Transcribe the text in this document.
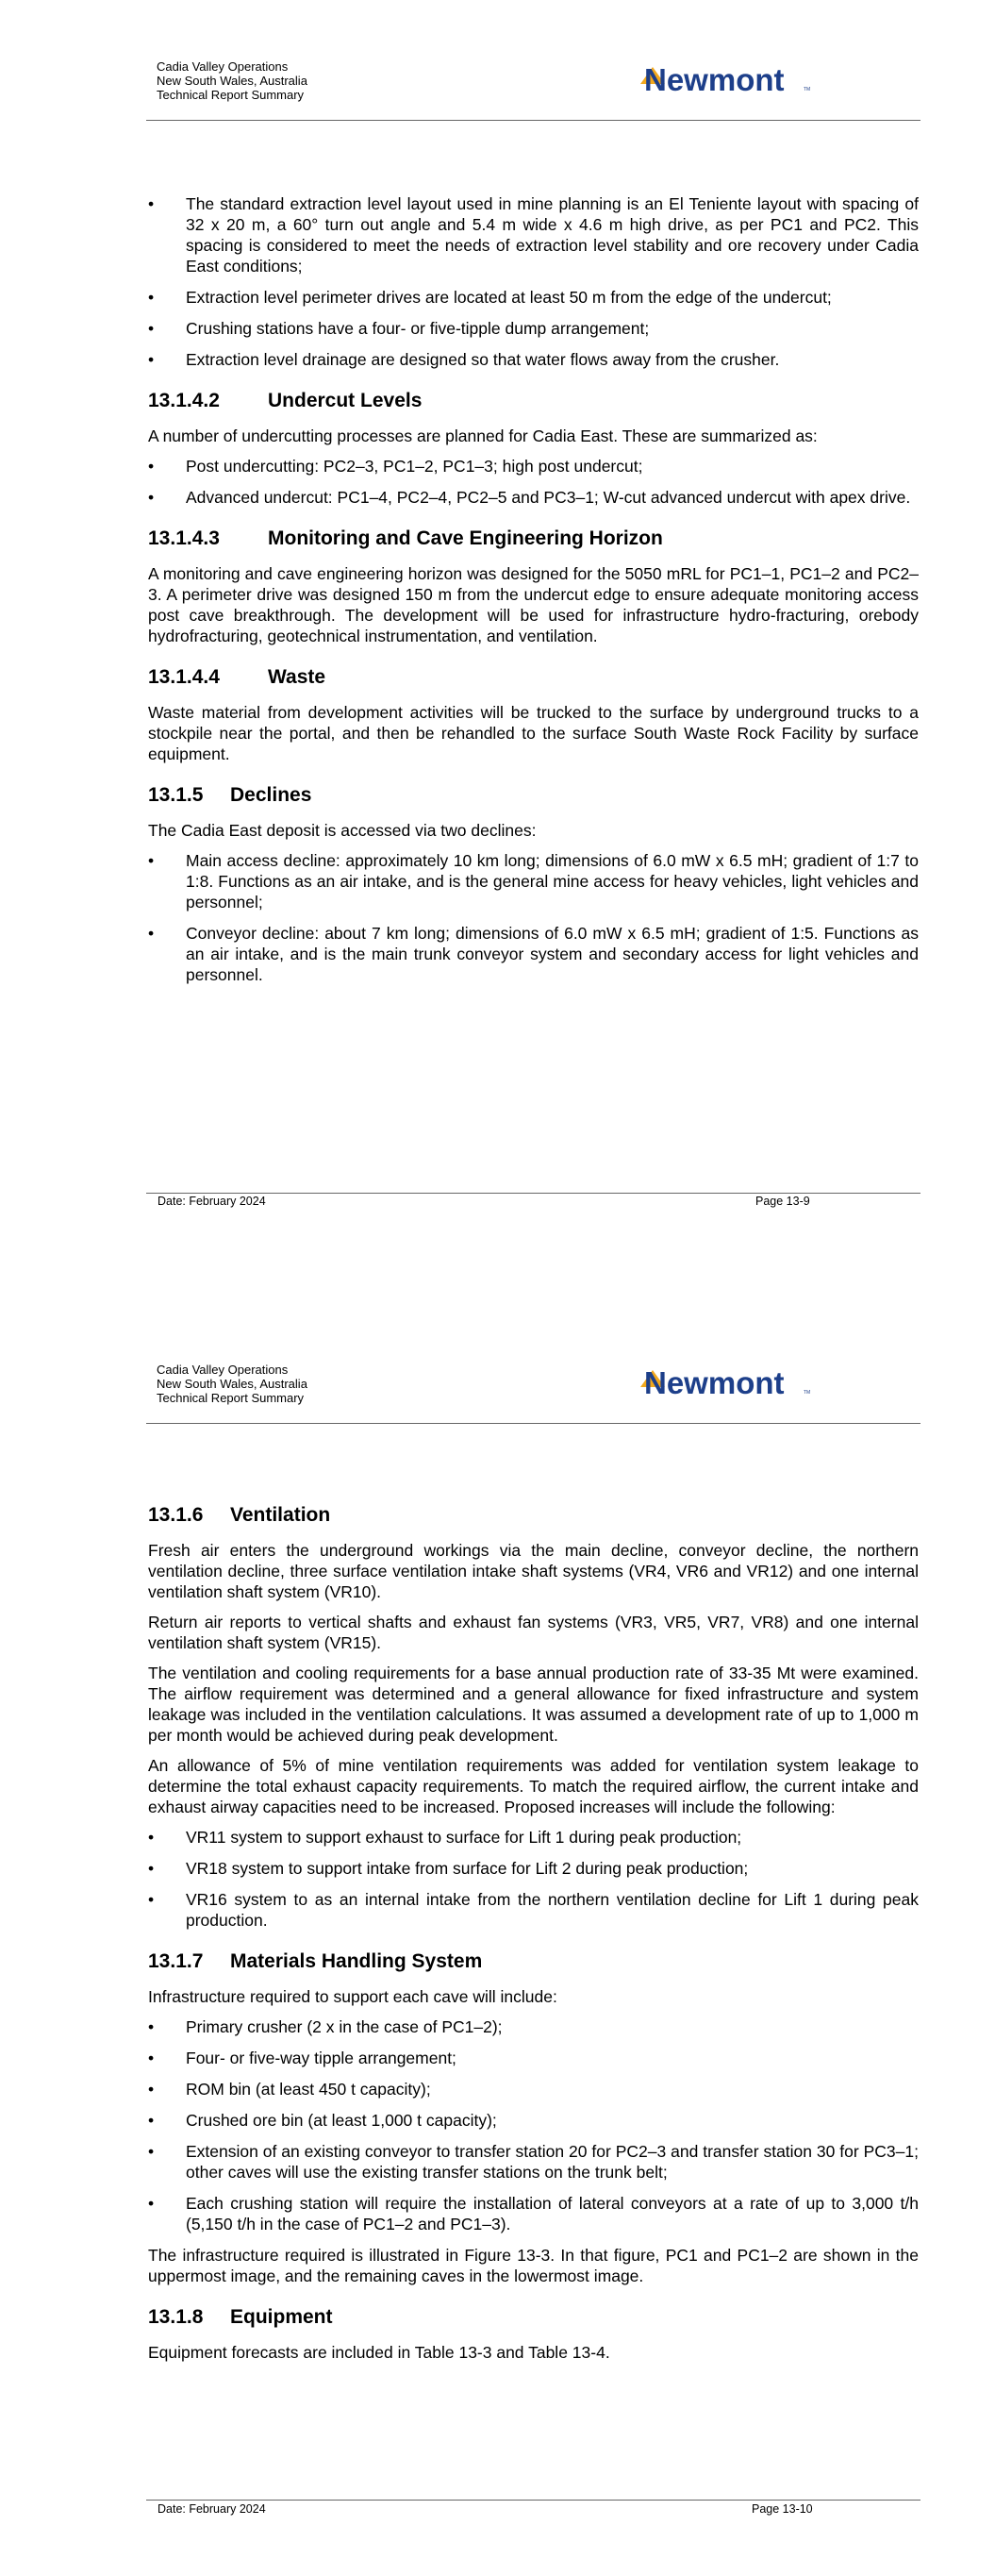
Cadia Valley Operations
New South Wales, Australia
Technical Report Summary	Newmont	TM
• The standard extraction level layout used in mine planning is an El Teniente layout with spacing of 32 x 20 m, a 60° turn out angle and 5.4 m wide x 4.6 m high drive, as per PC1 and PC2. This spacing is considered to meet the needs of extraction level stability and ore recovery under Cadia East conditions;
• Extraction level perimeter drives are located at least 50 m from the edge of the undercut;
• Crushing stations have a four- or five-tipple dump arrangement;
• Extraction level drainage are designed so that water flows away from the crusher.
13.1.4.2 Undercut Levels

A number of undercutting processes are planned for Cadia East. These are summarized as:

• Post undercutting: PC2–3, PC1–2, PC1–3; high post undercut;
• Advanced undercut: PC1–4, PC2–4, PC2–5 and PC3–1; W-cut advanced undercut with apex drive.
13.1.4.3 Monitoring and Cave Engineering Horizon

A monitoring and cave engineering horizon was designed for the 5050 mRL for PC1–1, PC1–2 and PC2–3. A perimeter drive was designed 150 m from the undercut edge to ensure adequate monitoring access post cave breakthrough. The development will be used for infrastructure hydro-fracturing, orebody hydrofracturing, geotechnical instrumentation, and ventilation.

13.1.4.4 Waste

Waste material from development activities will be trucked to the surface by underground trucks to a stockpile near the portal, and then be rehandled to the surface South Waste Rock Facility by surface equipment.

13.1.5 Declines

The Cadia East deposit is accessed via two declines:

• Main access decline: approximately 10 km long; dimensions of 6.0 mW x 6.5 mH; gradient of 1:7 to 1:8. Functions as an air intake, and is the general mine access for heavy vehicles, light vehicles and personnel;
• Conveyor decline: about 7 km long; dimensions of 6.0 mW x 6.5 mH; gradient of 1:5. Functions as an air intake, and is the main trunk conveyor system and secondary access for light vehicles and personnel.
Date: February 2024	Page 13-9
Cadia Valley Operations
New South Wales, Australia
Technical Report Summary	Newmont	TM
13.1.6 Ventilation

Fresh air enters the underground workings via the main decline, conveyor decline, the northern ventilation decline, three surface ventilation intake shaft systems (VR4, VR6 and VR12) and one internal ventilation shaft system (VR10).

Return air reports to vertical shafts and exhaust fan systems (VR3, VR5, VR7, VR8) and one internal ventilation shaft system (VR15).

The ventilation and cooling requirements for a base annual production rate of 33-35 Mt were examined. The airflow requirement was determined and a general allowance for fixed infrastructure and system leakage was included in the ventilation calculations. It was assumed a development rate of up to 1,000 m per month would be achieved during peak development.

An allowance of 5% of mine ventilation requirements was added for ventilation system leakage to determine the total exhaust capacity requirements. To match the required airflow, the current intake and exhaust airway capacities need to be increased. Proposed increases will include the following:

• VR11 system to support exhaust to surface for Lift 1 during peak production;
• VR18 system to support intake from surface for Lift 2 during peak production;
• VR16 system to as an internal intake from the northern ventilation decline for Lift 1 during peak production.
13.1.7 Materials Handling System

Infrastructure required to support each cave will include:

• Primary crusher (2 x in the case of PC1–2);
• Four- or five-way tipple arrangement;
• ROM bin (at least 450 t capacity);
• Crushed ore bin (at least 1,000 t capacity);
• Extension of an existing conveyor to transfer station 20 for PC2–3 and transfer station 30 for PC3–1; other caves will use the existing transfer stations on the trunk belt;
• Each crushing station will require the installation of lateral conveyors at a rate of up to 3,000 t/h (5,150 t/h in the case of PC1–2 and PC1–3).

The infrastructure required is illustrated in Figure 13-3. In that figure, PC1 and PC1–2 are shown in the uppermost image, and the remaining caves in the lowermost image.

13.1.8 Equipment

Equipment forecasts are included in Table 13-3 and Table 13-4.

Date: February 2024	Page 13-10
